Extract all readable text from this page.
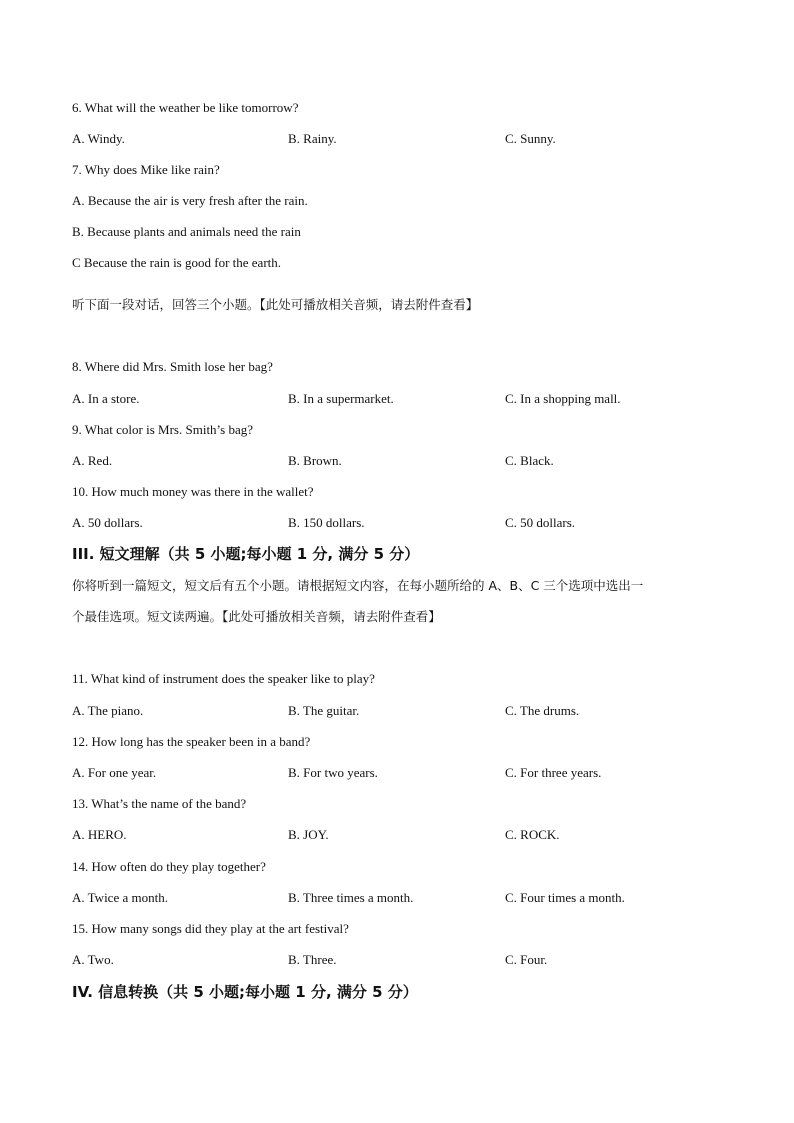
6. What will the weather be like tomorrow?
A. Windy.	B. Rainy.	C. Sunny.
7. Why does Mike like rain?
A. Because the air is very fresh after the rain.
B. Because plants and animals need the rain
C Because the rain is good for the earth.
听下面一段对话，回答三个小题。【此处可播放相关音频，请去附件查看】
8. Where did Mrs. Smith lose her bag?
A. In a store.	B. In a supermarket.	C. In a shopping mall.
9. What color is Mrs. Smith’s bag?
A. Red.	B. Brown.	C. Black.
10. How much money was there in the wallet?
A. 50 dollars.	B. 150 dollars.	C. 50 dollars.
III. 短文理解（共 5 小题;每小题 1 分, 满分 5 分）
你将听到一篇短文，短文后有五个小题。请根据短文内容，在每小题所给的 A、B、C 三个选项中选出一
个最佳选项。短文读两遍。【此处可播放相关音频，请去附件查看】
11. What kind of instrument does the speaker like to play?
A. The piano.	B. The guitar.	C. The drums.
12. How long has the speaker been in a band?
A. For one year.	B. For two years.	C. For three years.
13. What’s the name of the band?
A. HERO.	B. JOY.	C. ROCK.
14. How often do they play together?
A. Twice a month.	B. Three times a month.	C. Four times a month.
15. How many songs did they play at the art festival?
A. Two.	B. Three.	C. Four.
IV. 信息转换（共 5 小题;每小题 1 分, 满分 5 分）
